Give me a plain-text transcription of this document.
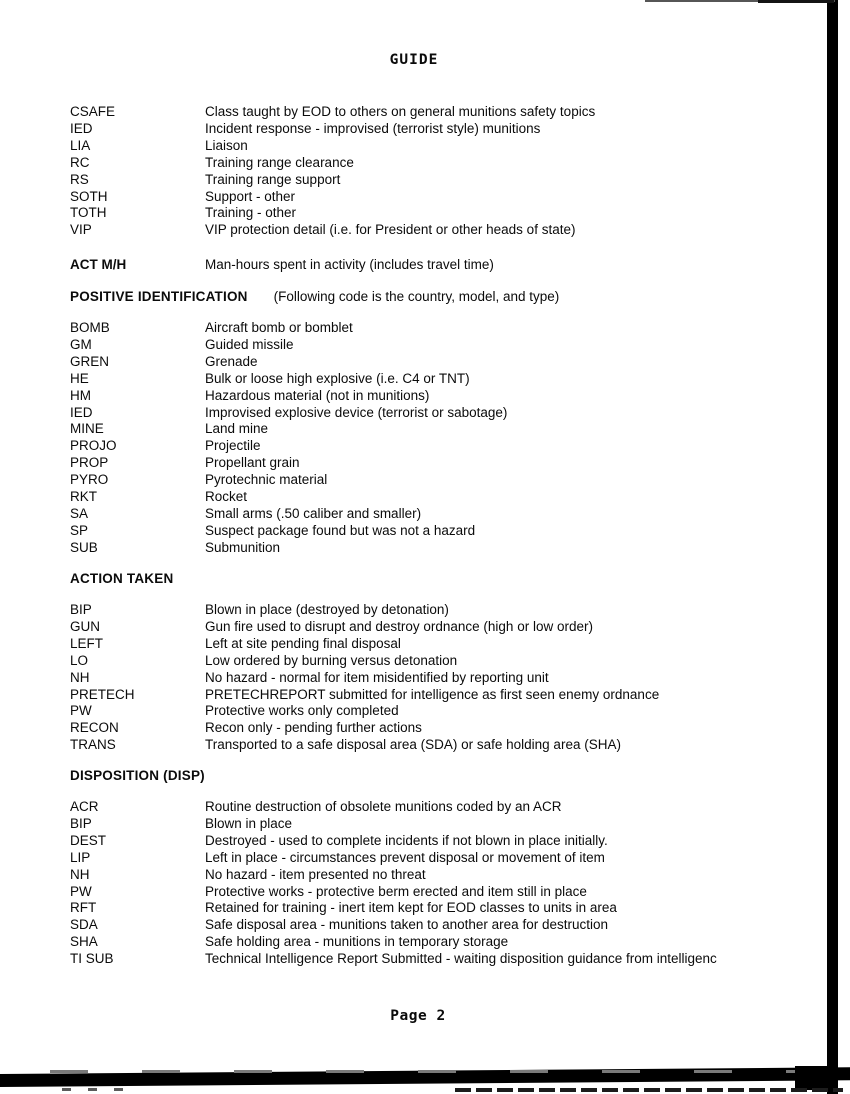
GUIDE
CSAFE	Class taught by EOD to others on general munitions safety topics
IED	Incident response - improvised (terrorist style) munitions
LIA	Liaison
RC	Training range clearance
RS	Training range support
SOTH	Support - other
TOTH	Training - other
VIP	VIP protection detail (i.e. for President or other heads of state)
ACT M/H	Man-hours spent in activity (includes travel time)
POSITIVE IDENTIFICATION (Following code is the country, model, and type)
BOMB	Aircraft bomb or bomblet
GM	Guided missile
GREN	Grenade
HE	Bulk or loose high explosive (i.e. C4 or TNT)
HM	Hazardous material (not in munitions)
IED	Improvised explosive device (terrorist or sabotage)
MINE	Land mine
PROJO	Projectile
PROP	Propellant grain
PYRO	Pyrotechnic material
RKT	Rocket
SA	Small arms (.50 caliber and smaller)
SP	Suspect package found but was not a hazard
SUB	Submunition
ACTION TAKEN
BIP	Blown in place (destroyed by detonation)
GUN	Gun fire used to disrupt and destroy ordnance (high or low order)
LEFT	Left at site pending final disposal
LO	Low ordered by burning versus detonation
NH	No hazard - normal for item misidentified by reporting unit
PRETECH	PRETECHREPORT submitted for intelligence as first seen enemy ordnance
PW	Protective works only completed
RECON	Recon only - pending further actions
TRANS	Transported to a safe disposal area (SDA) or safe holding area (SHA)
DISPOSITION (DISP)
ACR	Routine destruction of obsolete munitions coded by an ACR
BIP	Blown in place
DEST	Destroyed - used to complete incidents if not blown in place initially.
LIP	Left in place - circumstances prevent disposal or movement of item
NH	No hazard - item presented no threat
PW	Protective works - protective berm erected and item still in place
RFT	Retained for training - inert item kept for EOD classes to units in area
SDA	Safe disposal area - munitions taken to another area for destruction
SHA	Safe holding area - munitions in temporary storage
TI SUB	Technical Intelligence Report Submitted - waiting disposition guidance from intelligenc
Page 2
